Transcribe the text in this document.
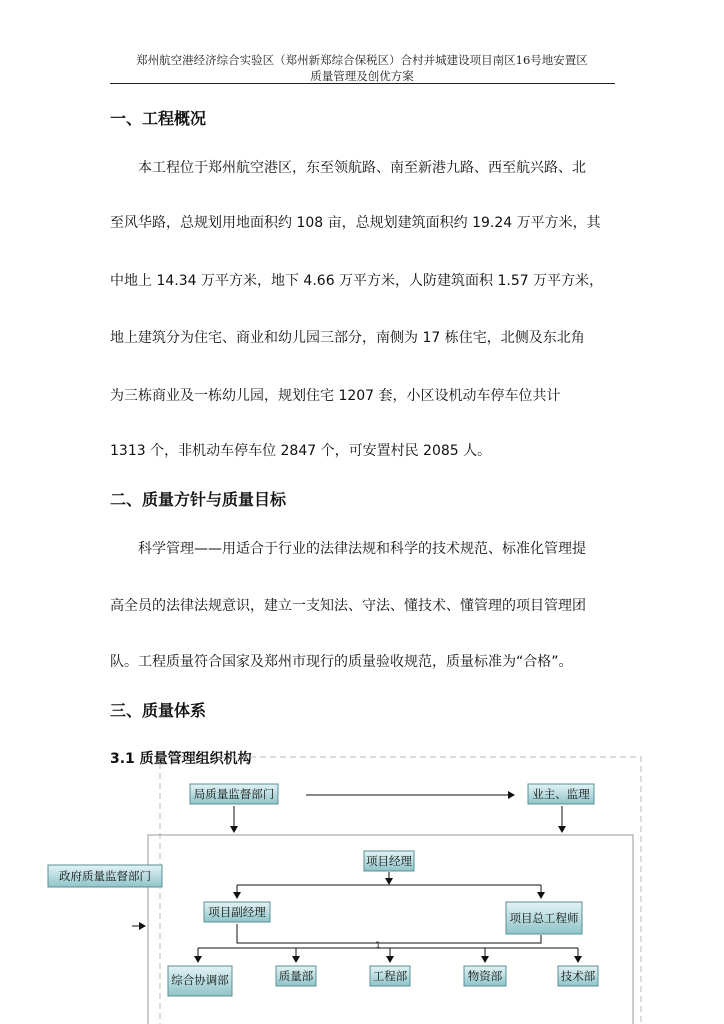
郑州航空港经济综合实验区（郑州新郑综合保税区）合村并城建设项目南区16号地安置区
质量管理及创优方案
一、工程概况
　　本工程位于郑州航空港区，东至领航路、南至新港九路、西至航兴路、北
至风华路，总规划用地面积约 108 亩，总规划建筑面积约 19.24 万平方米，其
中地上 14.34 万平方米，地下 4.66 万平方米，人防建筑面积 1.57 万平方米，
地上建筑分为住宅、商业和幼儿园三部分，南侧为 17 栋住宅，北侧及东北角
为三栋商业及一栋幼儿园，规划住宅 1207 套，小区设机动车停车位共计
1313 个，非机动车停车位 2847 个，可安置村民 2085 人。
二、质量方针与质量目标
　　科学管理——用适合于行业的法律法规和科学的技术规范、标准化管理提
高全员的法律法规意识，建立一支知法、守法、懂技术、懂管理的项目管理团
队。工程质量符合国家及郑州市现行的质量验收规范，质量标准为“合格”。
三、质量体系
3.1 质量管理组织机构
局质量监督部门	业主、监理
政府质量监督部门
项目经理
项目副经理	项目总工程师
1
综合协调部	质量部	工程部	物资部	技术部
